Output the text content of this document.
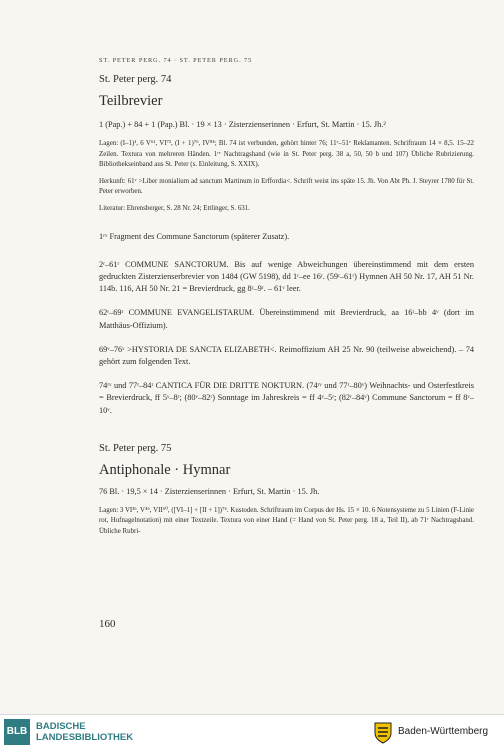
ST. PETER PERG. 74 · ST. PETER PERG. 75
St. Peter perg. 74
Teilbrevier
1 (Pap.) + 84 + 1 (Pap.) Bl. · 19 × 13 · Zisterzienserinnen · Erfurt, St. Martin · 15. Jh.²

Lagen: (I–1)¹, 6 V⁶¹, VI⁷³, (I + 1)⁷⁶, IV⁸⁴; Bl. 74 ist verbunden, gehört hinter 76; 11ᵛ–51ᵛ Reklamanten. Schriftraum 14 × 8,5. 15–22 Zeilen. Textura von mehreren Händen. 1ʳᵛ Nachtragshand (wie in St. Peter perg. 38 a, 50, 50 b und 107) Übliche Rubrizierung. Bibliothekseinband aus St. Peter (s. Einleitung, S. XXIX).

Herkunft: 61ᵛ >Liber monialium ad sanctum Martinum in Erffordia<. Schrift weist ins späte 15. Jh. Von Abt Ph. J. Steyrer 1780 für St. Peter erworben.

Literatur: Ehrensberger, S. 28 Nr. 24; Ettlinger, S. 631.

1ʳᵛ Fragment des Commune Sanctorum (späterer Zusatz).

2ʳ–61ʳ COMMUNE SANCTORUM. Bis auf wenige Abweichungen übereinstimmend mit dem ersten gedruckten Zisterzienserbrevier von 1484 (GW 5198), dd 1ʳ–ee 16ʳ. (59ʳ–61ʳ) Hymnen AH 50 Nr. 17, AH 51 Nr. 114b. 116, AH 50 Nr. 21 = Brevierdruck, gg 8ʳ–9ʳ. – 61ᵛ leer.

62ʳ–69ʳ COMMUNE EVANGELISTARUM. Übereinstimmend mit Brevierdruck, aa 16ʳ–bb 4ᵛ (dort im Matthäus-Offizium).

69ᵛ–76ᵛ >HYSTORIA DE SANCTA ELIZABETH<. Reimoffizium AH 25 Nr. 90 (teilweise abweichend). – 74 gehört zum folgenden Text.

74ʳᵛ und 77ʳ–84ʳ CANTICA FÜR DIE DRITTE NOKTURN. (74ʳᵛ und 77ʳ–80ᵛ) Weihnachts- und Osterfestkreis = Brevierdruck, ff 5ᵛ–8ʳ; (80ᵛ–82ʳ) Sonntage im Jahreskreis = ff 4ᵛ–5ʳ; (82ʳ–84ᵛ) Commune Sanctorum = ff 8ᵛ–10ᵛ.

St. Peter perg. 75
Antiphonale · Hymnar
76 Bl. · 19,5 × 14 · Zisterzienserinnen · Erfurt, St. Martin · 15. Jh.

Lagen: 3 VI³⁶, V⁴⁶, VII⁶⁰, ([VI–1] + [II + 1])⁷⁶. Kustoden. Schriftraum im Corpus der Hs. 15 × 10. 6 Notensysteme zu 5 Linien (F-Linie rot, Hufnagelnotation) mit einer Textzeile. Textura von einer Hand (= Hand von St. Peter perg. 18 a, Teil II), ab 71ʳ Nachtragshand. Übliche Rubri-

160
BLB BADISCHE
LANDESBIBLIOTHEK
Baden-Württemberg
